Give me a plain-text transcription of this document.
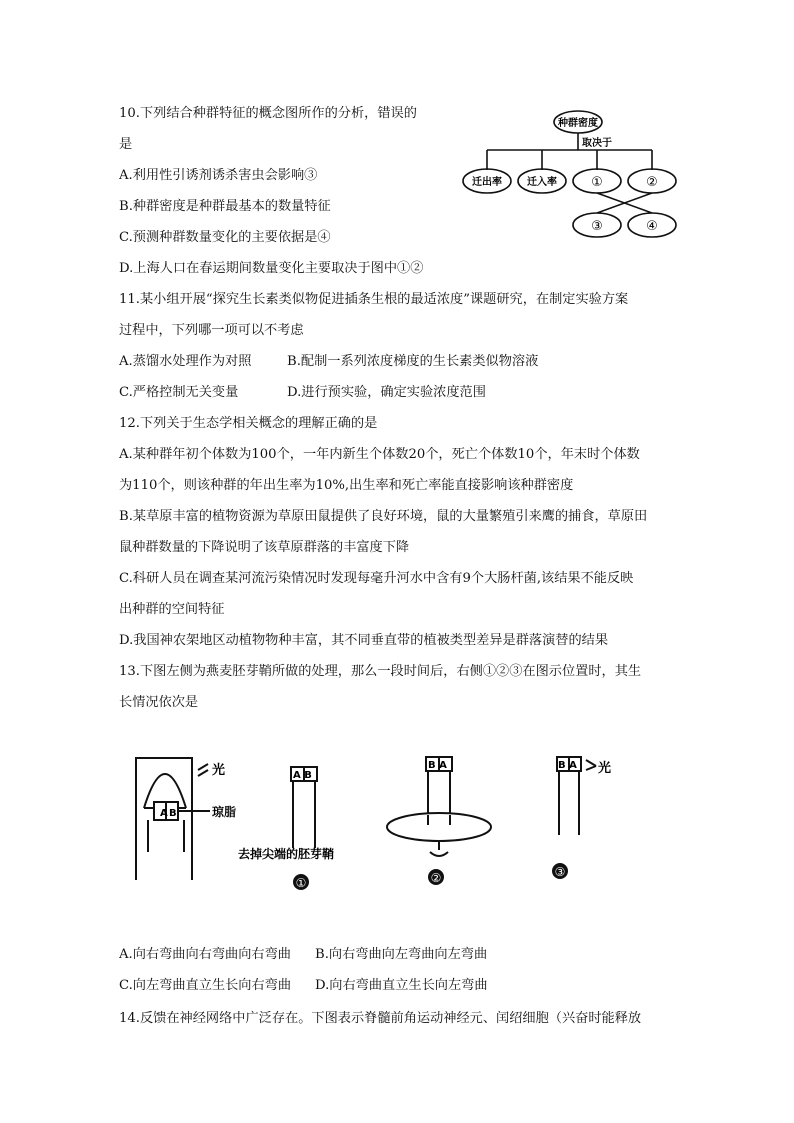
10.下列结合种群特征的概念图所作的分析，错误的
是
A.利用性引诱剂诱杀害虫会影响③
B.种群密度是种群最基本的数量特征
C.预测种群数量变化的主要依据是④
D.上海人口在春运期间数量变化主要取决于图中①②
种群密度
取决于
迁出率	迁入率	①	②
③	④
11.某小组开展“探究生长素类似物促进插条生根的最适浓度”课题研究，在制定实验方案
过程中，下列哪一项可以不考虑
A.蒸馏水处理作为对照	B.配制一系列浓度梯度的生长素类似物溶液
C.严格控制无关变量	D.进行预实验，确定实验浓度范围
12.下列关于生态学相关概念的理解正确的是
A.某种群年初个体数为100个，一年内新生个体数20个，死亡个体数10个，年末时个体数
为110个，则该种群的年出生率为10%,出生率和死亡率能直接影响该种群密度
B.某草原丰富的植物资源为草原田鼠提供了良好环境，鼠的大量繁殖引来鹰的捕食，草原田
鼠种群数量的下降说明了该草原群落的丰富度下降
C.科研人员在调查某河流污染情况时发现每毫升河水中含有9个大肠杆菌,该结果不能反映
出种群的空间特征
D.我国神农架地区动植物物种丰富，其不同垂直带的植被类型差异是群落演替的结果
13.下图左侧为燕麦胚芽鞘所做的处理，那么一段时间后，右侧①②③在图示位置时，其生
长情况依次是
光	光
A B	琼脂
去掉尖端的胚芽鞘
A B
B A	B A
①	②	③
A.向右弯曲向右弯曲向右弯曲 B.向右弯曲向左弯曲向左弯曲
C.向左弯曲直立生长向右弯曲 D.向右弯曲直立生长向左弯曲
14.反馈在神经网络中广泛存在。下图表示脊髓前角运动神经元、闰绍细胞（兴奋时能释放
